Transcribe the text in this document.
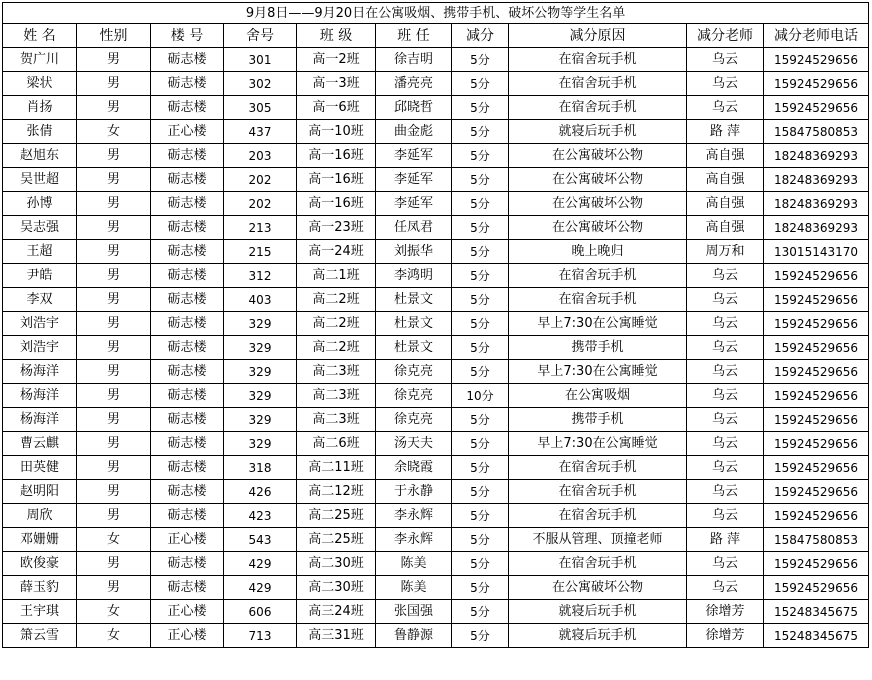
9月8日——9月20日在公寓吸烟、携带手机、破坏公物等学生名单									
姓 名	性别	楼 号	舍号	班 级	班 任	减分	减分原因	减分老师	减分老师电话
贺广川	男	砺志楼	301	高一2班	徐吉明	5分	在宿舍玩手机	乌云	15924529656
梁状	男	砺志楼	302	高一3班	潘亮亮	5分	在宿舍玩手机	乌云	15924529656
肖扬	男	砺志楼	305	高一6班	邱晓哲	5分	在宿舍玩手机	乌云	15924529656
张倩	女	正心楼	437	高一10班	曲金彪	5分	就寝后玩手机	路 萍	15847580853
赵旭东	男	砺志楼	203	高一16班	李延军	5分	在公寓破坏公物	高自强	18248369293
吴世超	男	砺志楼	202	高一16班	李延军	5分	在公寓破坏公物	高自强	18248369293
孙博	男	砺志楼	202	高一16班	李延军	5分	在公寓破坏公物	高自强	18248369293
吴志强	男	砺志楼	213	高一23班	任凤君	5分	在公寓破坏公物	高自强	18248369293
王超	男	砺志楼	215	高一24班	刘振华	5分	晚上晚归	周万和	13015143170
尹皓	男	砺志楼	312	高二1班	李鸿明	5分	在宿舍玩手机	乌云	15924529656
李双	男	砺志楼	403	高二2班	杜景文	5分	在宿舍玩手机	乌云	15924529656
刘浩宇	男	砺志楼	329	高二2班	杜景文	5分	早上7:30在公寓睡觉	乌云	15924529656
刘浩宇	男	砺志楼	329	高二2班	杜景文	5分	携带手机	乌云	15924529656
杨海洋	男	砺志楼	329	高二3班	徐克亮	5分	早上7:30在公寓睡觉	乌云	15924529656
杨海洋	男	砺志楼	329	高二3班	徐克亮	10分	在公寓吸烟	乌云	15924529656
杨海洋	男	砺志楼	329	高二3班	徐克亮	5分	携带手机	乌云	15924529656
曹云麒	男	砺志楼	329	高二6班	汤天夫	5分	早上7:30在公寓睡觉	乌云	15924529656
田英健	男	砺志楼	318	高二11班	余晓霞	5分	在宿舍玩手机	乌云	15924529656
赵明阳	男	砺志楼	426	高二12班	于永静	5分	在宿舍玩手机	乌云	15924529656
周欣	男	砺志楼	423	高二25班	李永辉	5分	在宿舍玩手机	乌云	15924529656
邓姗姗	女	正心楼	543	高二25班	李永辉	5分	不服从管理、顶撞老师	路 萍	15847580853
欧俊豪	男	砺志楼	429	高二30班	陈美	5分	在宿舍玩手机	乌云	15924529656
薛玉豹	男	砺志楼	429	高二30班	陈美	5分	在公寓破坏公物	乌云	15924529656
王宇琪	女	正心楼	606	高三24班	张国强	5分	就寝后玩手机	徐增芳	15248345675
箫云雪	女	正心楼	713	高三31班	鲁静源	5分	就寝后玩手机	徐增芳	15248345675
